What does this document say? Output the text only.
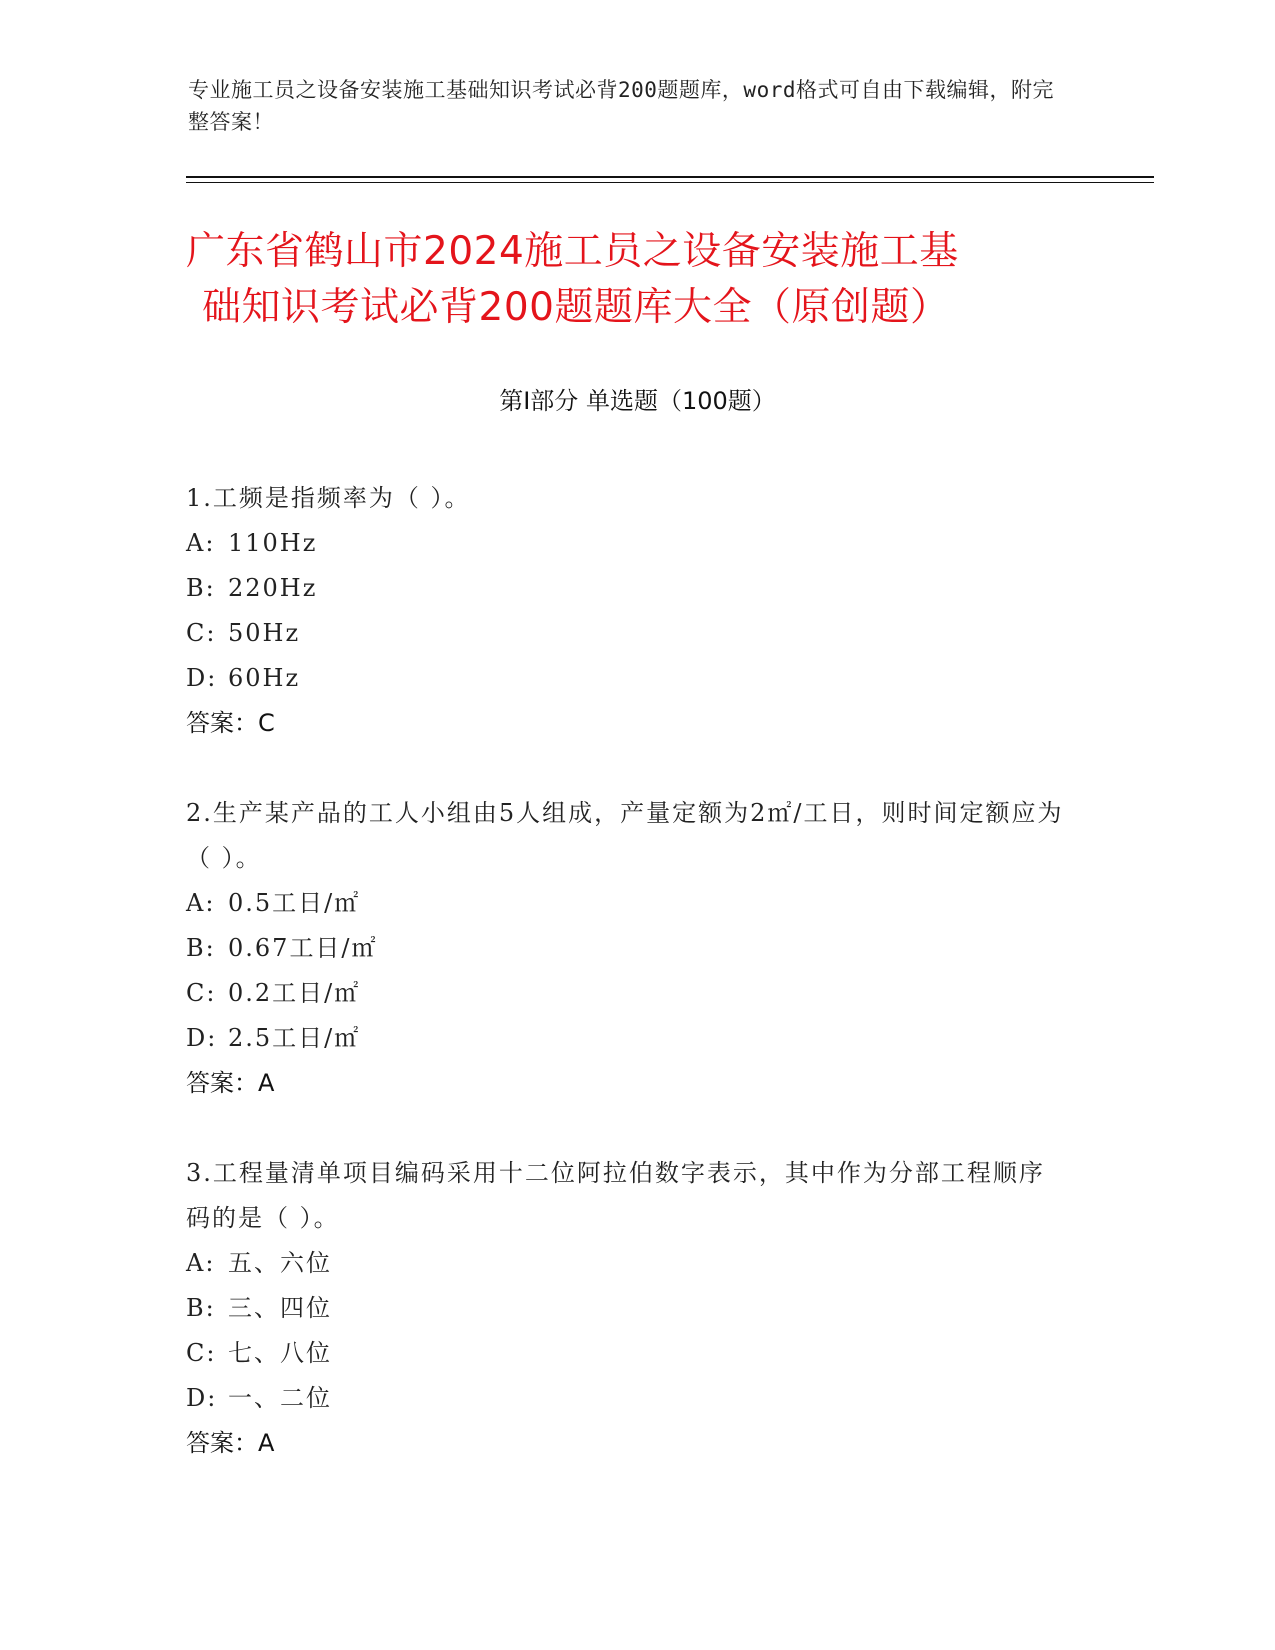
专业施工员之设备安装施工基础知识考试必背200题题库，word格式可自由下载编辑，附完整答案！
广东省鹤山市2024施工员之设备安装施工基
础知识考试必背200题题库大全（原创题）
第I部分 单选题（100题）

1.工频是指频率为（ ）。

A: 110Hz

B: 220Hz

C: 50Hz

D: 60Hz

答案：C

2.生产某产品的工人小组由5人组成，产量定额为2㎡/工日，则时间定额应为（ ）。

A: 0.5工日/㎡

B: 0.67工日/㎡

C: 0.2工日/㎡

D: 2.5工日/㎡

答案：A

3.工程量清单项目编码采用十二位阿拉伯数字表示，其中作为分部工程顺序码的是（ ）。

A: 五、六位

B: 三、四位

C: 七、八位

D: 一、二位

答案：A
